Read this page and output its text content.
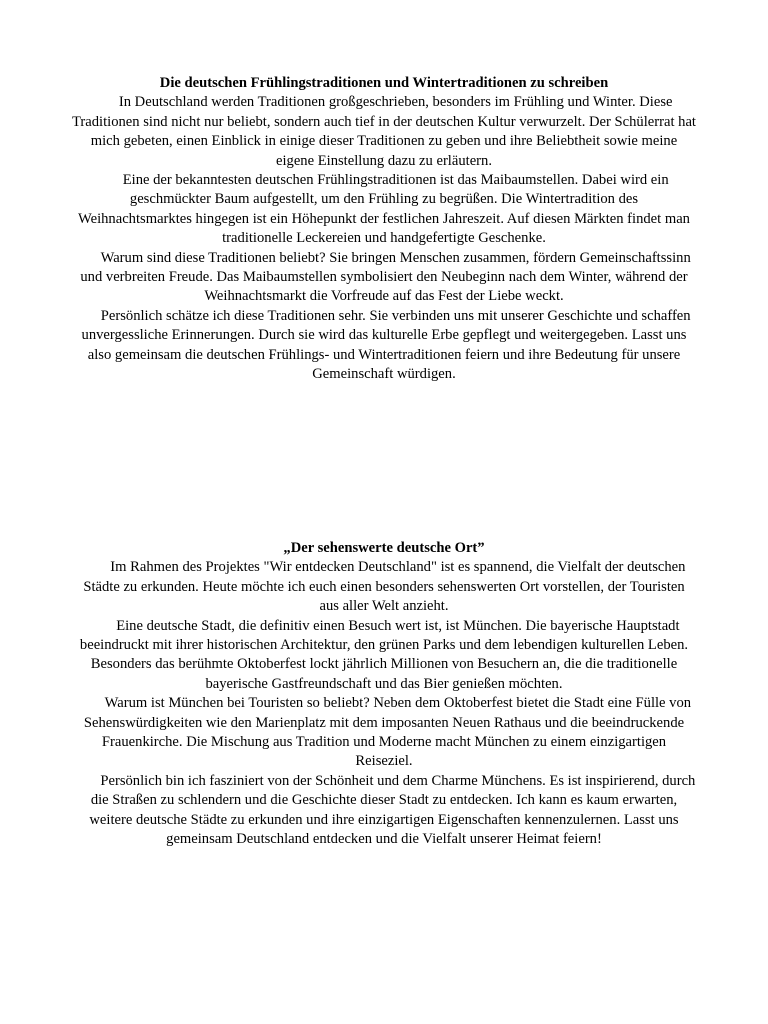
Die deutschen Frühlingstraditionen und Wintertraditionen zu schreiben

In Deutschland werden Traditionen großgeschrieben, besonders im Frühling und Winter. Diese Traditionen sind nicht nur beliebt, sondern auch tief in der deutschen Kultur verwurzelt. Der Schülerrat hat mich gebeten, einen Einblick in einige dieser Traditionen zu geben und ihre Beliebtheit sowie meine eigene Einstellung dazu zu erläutern.

Eine der bekanntesten deutschen Frühlingstraditionen ist das Maibaumstellen. Dabei wird ein geschmückter Baum aufgestellt, um den Frühling zu begrüßen. Die Wintertradition des Weihnachtsmarktes hingegen ist ein Höhepunkt der festlichen Jahreszeit. Auf diesen Märkten findet man traditionelle Leckereien und handgefertigte Geschenke.

Warum sind diese Traditionen beliebt? Sie bringen Menschen zusammen, fördern Gemeinschaftssinn und verbreiten Freude. Das Maibaumstellen symbolisiert den Neubeginn nach dem Winter, während der Weihnachtsmarkt die Vorfreude auf das Fest der Liebe weckt.

Persönlich schätze ich diese Traditionen sehr. Sie verbinden uns mit unserer Geschichte und schaffen unvergessliche Erinnerungen. Durch sie wird das kulturelle Erbe gepflegt und weitergegeben. Lasst uns also gemeinsam die deutschen Frühlings- und Wintertraditionen feiern und ihre Bedeutung für unsere Gemeinschaft würdigen.

„Der sehenswerte deutsche Ort”

Im Rahmen des Projektes "Wir entdecken Deutschland" ist es spannend, die Vielfalt der deutschen Städte zu erkunden. Heute möchte ich euch einen besonders sehenswerten Ort vorstellen, der Touristen aus aller Welt anzieht.

Eine deutsche Stadt, die definitiv einen Besuch wert ist, ist München. Die bayerische Hauptstadt beeindruckt mit ihrer historischen Architektur, den grünen Parks und dem lebendigen kulturellen Leben. Besonders das berühmte Oktoberfest lockt jährlich Millionen von Besuchern an, die die traditionelle bayerische Gastfreundschaft und das Bier genießen möchten.

Warum ist München bei Touristen so beliebt? Neben dem Oktoberfest bietet die Stadt eine Fülle von Sehenswürdigkeiten wie den Marienplatz mit dem imposanten Neuen Rathaus und die beeindruckende Frauenkirche. Die Mischung aus Tradition und Moderne macht München zu einem einzigartigen Reiseziel.

Persönlich bin ich fasziniert von der Schönheit und dem Charme Münchens. Es ist inspirierend, durch die Straßen zu schlendern und die Geschichte dieser Stadt zu entdecken. Ich kann es kaum erwarten, weitere deutsche Städte zu erkunden und ihre einzigartigen Eigenschaften kennenzulernen. Lasst uns gemeinsam Deutschland entdecken und die Vielfalt unserer Heimat feiern!
